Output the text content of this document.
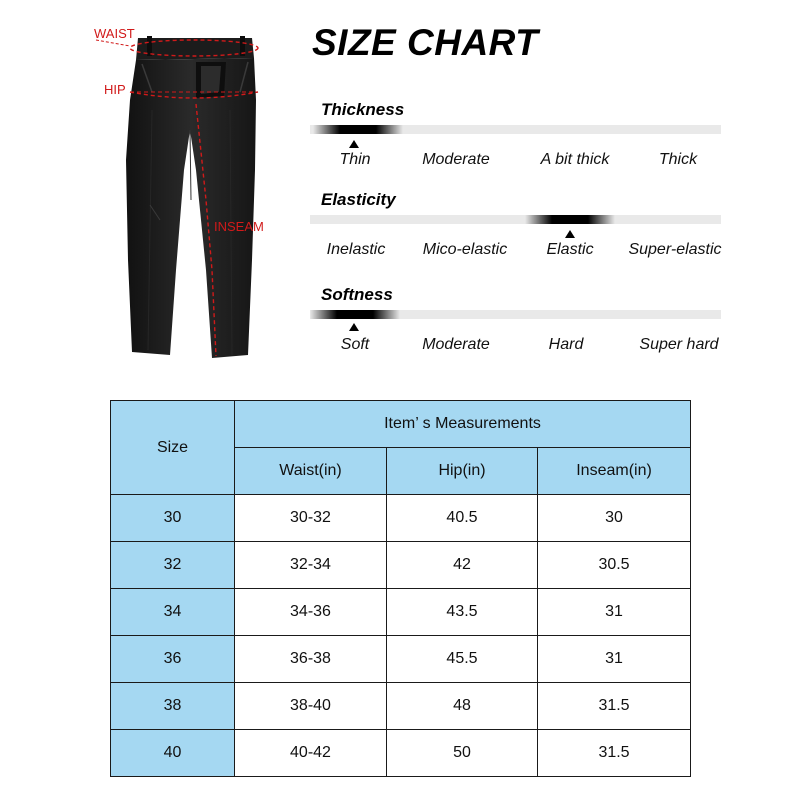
WAIST
HIP
INSEAM
SIZE CHART
Thickness
Thin	Moderate	A bit thick	Thick
Elasticity
Inelastic Mico-elastic Elastic Super-elastic
Softness
Soft	Moderate	Hard	Super hard
Size	Item’ s Measurements		
	Waist(in)	Hip(in)	Inseam(in)
30	30-32	40.5	30
32	32-34	42	30.5
34	34-36	43.5	31
36	36-38	45.5	31
38	38-40	48	31.5
40	40-42	50	31.5
